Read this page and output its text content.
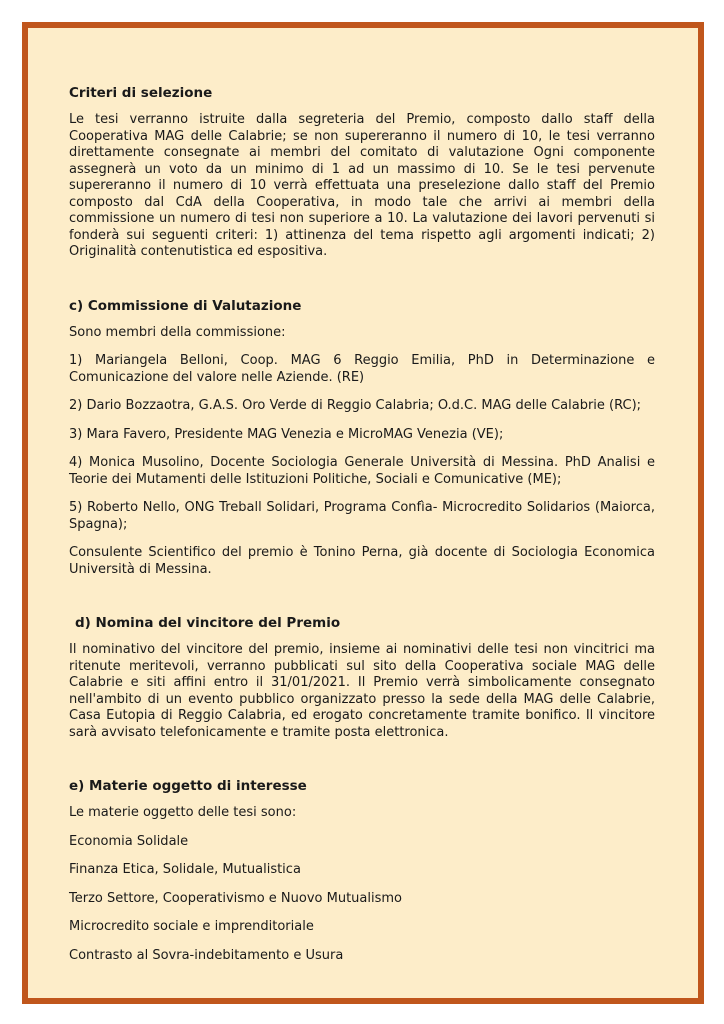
Criteri di selezione

Le tesi verranno istruite dalla segreteria del Premio, composto dallo staff della Cooperativa MAG delle Calabrie; se non supereranno il numero di 10, le tesi verranno direttamente consegnate ai membri del comitato di valutazione Ogni componente assegnerà un voto da un minimo di 1 ad un massimo di 10. Se le tesi pervenute supereranno il numero di 10 verrà effettuata una preselezione dallo staff del Premio composto dal CdA della Cooperativa, in modo tale che arrivi ai membri della commissione un numero di tesi non superiore a 10. La valutazione dei lavori pervenuti si fonderà sui seguenti criteri: 1) attinenza del tema rispetto agli argomenti indicati; 2) Originalità contenutistica ed espositiva.

c) Commissione di Valutazione

Sono membri della commissione:

1) Mariangela Belloni, Coop. MAG 6 Reggio Emilia, PhD in Determinazione e Comunicazione del valore nelle Aziende. (RE)

2) Dario Bozzaotra, G.A.S. Oro Verde di Reggio Calabria; O.d.C. MAG delle Calabrie (RC);

3) Mara Favero, Presidente MAG Venezia e MicroMAG Venezia (VE);

4) Monica Musolino, Docente Sociologia Generale Università di Messina. PhD Analisi e Teorie dei Mutamenti delle Istituzioni Politiche, Sociali e Comunicative (ME);

5) Roberto Nello, ONG Treball Solidari, Programa Confìa- Microcredito Solidarios (Maiorca, Spagna);

Consulente Scientifico del premio è Tonino Perna, già docente di Sociologia Economica Università di Messina.

d) Nomina del vincitore del Premio

Il nominativo del vincitore del premio, insieme ai nominativi delle tesi non vincitrici ma ritenute meritevoli, verranno pubblicati sul sito della Cooperativa sociale MAG delle Calabrie e siti affini entro il 31/01/2021. Il Premio verrà simbolicamente consegnato nell'ambito di un evento pubblico organizzato presso la sede della MAG delle Calabrie, Casa Eutopia di Reggio Calabria, ed erogato concretamente tramite bonifico. Il vincitore sarà avvisato telefonicamente e tramite posta elettronica.

e) Materie oggetto di interesse

Le materie oggetto delle tesi sono:

Economia Solidale

Finanza Etica, Solidale, Mutualistica

Terzo Settore, Cooperativismo e Nuovo Mutualismo

Microcredito sociale e imprenditoriale

Contrasto al Sovra-indebitamento e Usura
